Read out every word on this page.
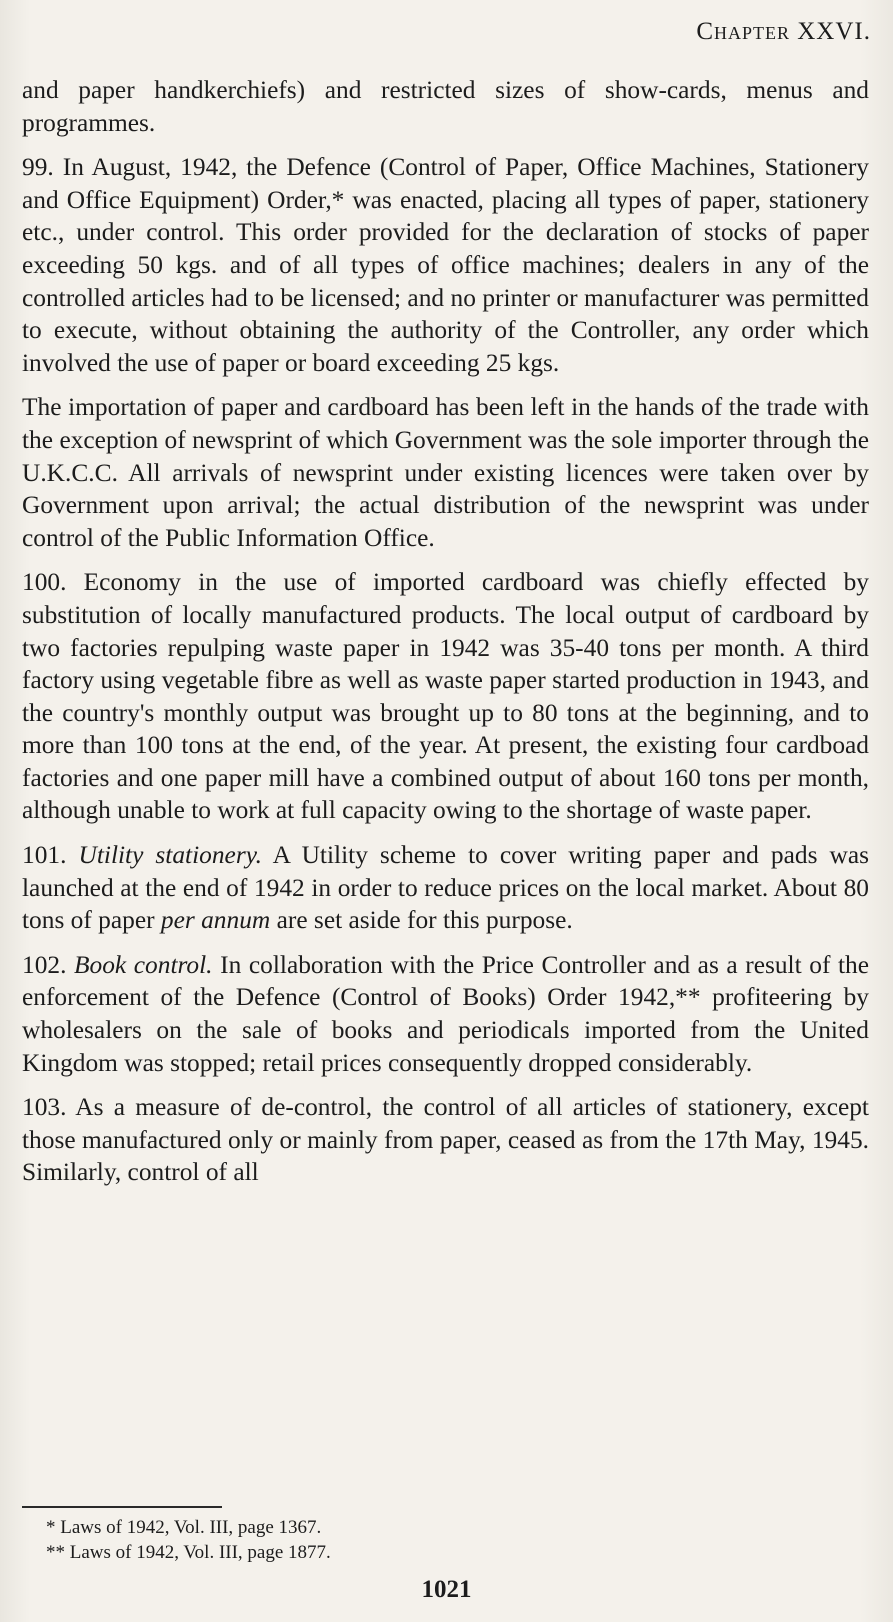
Chapter XXVI.

and paper handkerchiefs) and restricted sizes of show-cards, menus and programmes.

99. In August, 1942, the Defence (Control of Paper, Office Machines, Stationery and Office Equipment) Order,* was enacted, placing all types of paper, stationery etc., under control. This order provided for the declaration of stocks of paper exceeding 50 kgs. and of all types of office machines; dealers in any of the controlled articles had to be licensed; and no printer or manufacturer was permitted to execute, without obtaining the authority of the Controller, any order which involved the use of paper or board exceeding 25 kgs.

The importation of paper and cardboard has been left in the hands of the trade with the exception of newsprint of which Government was the sole importer through the U.K.C.C. All arrivals of newsprint under existing licences were taken over by Government upon arrival; the actual distribution of the newsprint was under control of the Public Information Office.

100. Economy in the use of imported cardboard was chiefly effected by substitution of locally manufactured products. The local output of cardboard by two factories repulping waste paper in 1942 was 35-40 tons per month. A third factory using vegetable fibre as well as waste paper started production in 1943, and the country's monthly output was brought up to 80 tons at the beginning, and to more than 100 tons at the end, of the year. At present, the existing four cardboad factories and one paper mill have a combined output of about 160 tons per month, although unable to work at full capacity owing to the shortage of waste paper.

101. Utility stationery. A Utility scheme to cover writing paper and pads was launched at the end of 1942 in order to reduce prices on the local market. About 80 tons of paper per annum are set aside for this purpose.

102. Book control. In collaboration with the Price Controller and as a result of the enforcement of the Defence (Control of Books) Order 1942,** profiteering by wholesalers on the sale of books and periodicals imported from the United Kingdom was stopped; retail prices consequently dropped considerably.

103. As a measure of de-control, the control of all articles of stationery, except those manufactured only or mainly from paper, ceased as from the 17th May, 1945. Similarly, control of all

* Laws of 1942, Vol. III, page 1367.
** Laws of 1942, Vol. III, page 1877.
1021
